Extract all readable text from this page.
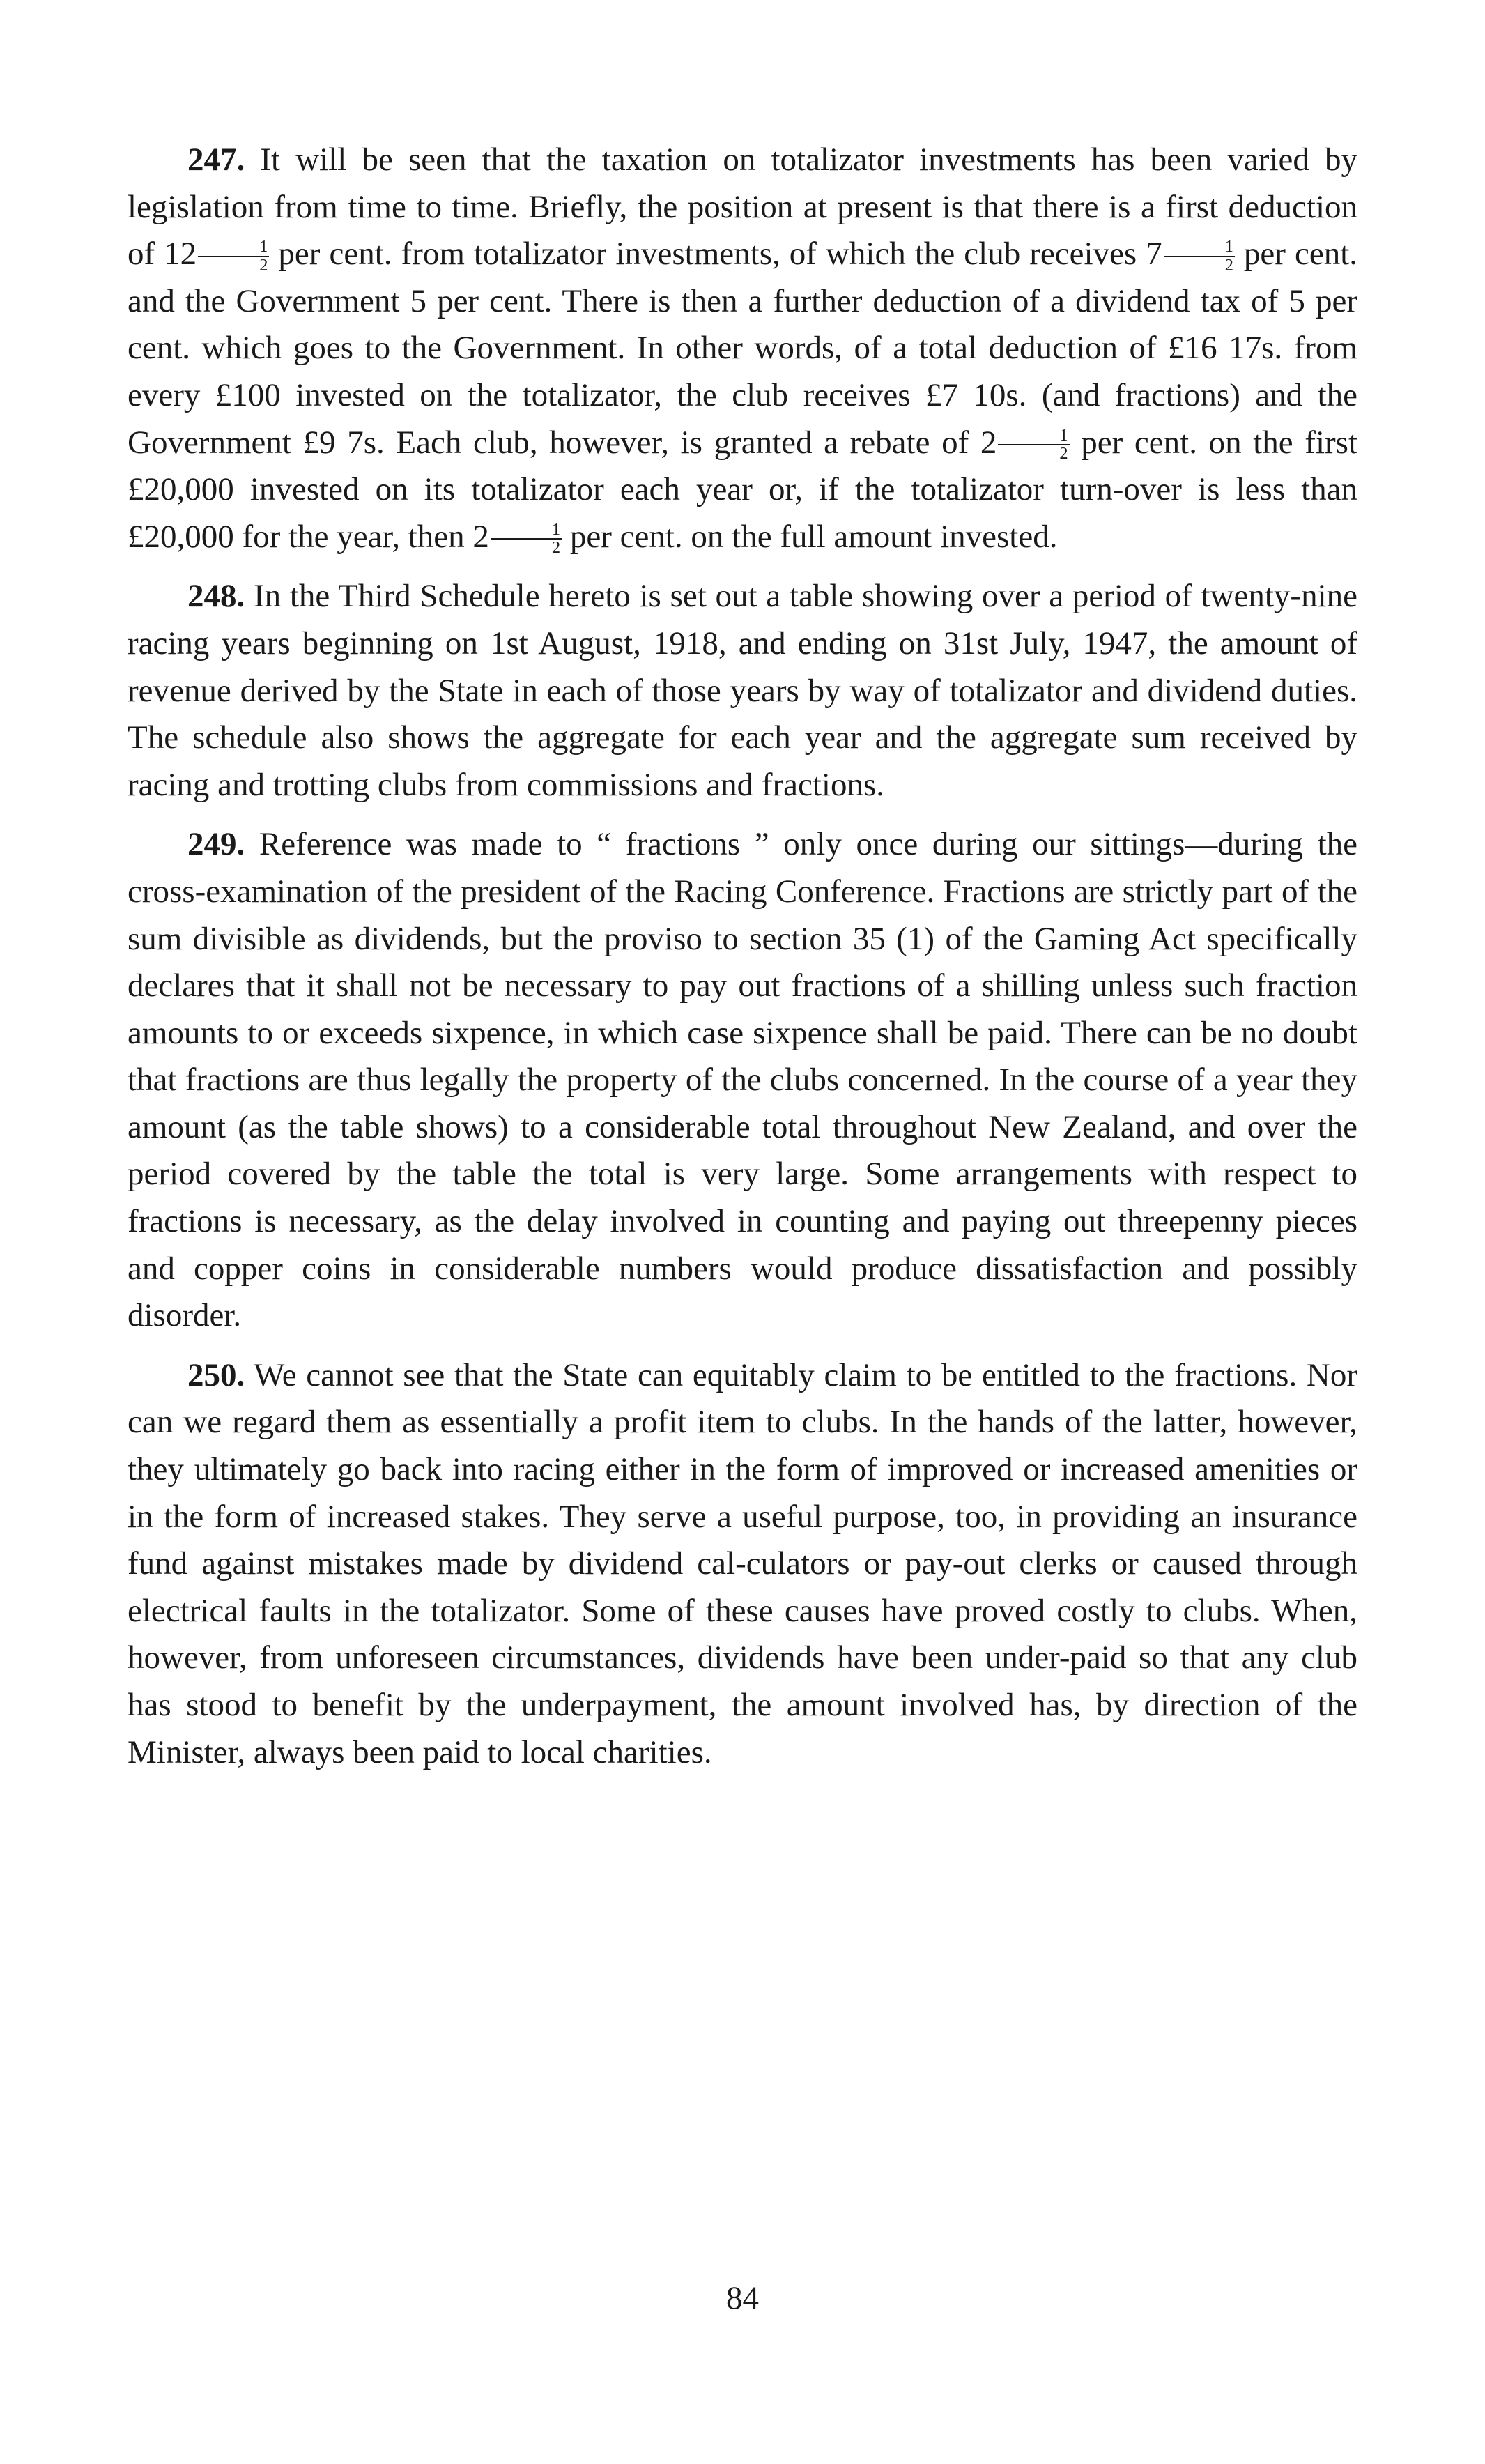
247. It will be seen that the taxation on totalizator investments has been varied by legislation from time to time. Briefly, the position at present is that there is a first deduction of $12 \frac{1}{2}$ per cent. from totalizator investments, of which the club receives $7 \frac{1}{2}$ per cent. and the Government 5 per cent. There is then a further deduction of a dividend tax of 5 per cent. which goes to the Government. In other words, of a total deduction of £16 17s. from every £100 invested on the totalizator, the club receives £7 10s. (and fractions) and the Government £9 7s. Each club, however, is granted a rebate of $2 \frac{1}{2}$ per cent. on the first £20,000 invested on its totalizator each year or, if the totalizator turn-over is less than £20,000 for the year, then $2 \frac{1}{2}$ per cent. on the full amount invested.

248. In the Third Schedule hereto is set out a table showing over a period of twenty-nine racing years beginning on 1st August, 1918, and ending on 31st July, 1947, the amount of revenue derived by the State in each of those years by way of totalizator and dividend duties. The schedule also shows the aggregate for each year and the aggregate sum received by racing and trotting clubs from commissions and fractions.

249. Reference was made to “ fractions ” only once during our sittings—during the cross-examination of the president of the Racing Conference. Fractions are strictly part of the sum divisible as dividends, but the proviso to section 35 (1) of the Gaming Act specifically declares that it shall not be necessary to pay out fractions of a shilling unless such fraction amounts to or exceeds sixpence, in which case sixpence shall be paid. There can be no doubt that fractions are thus legally the property of the clubs concerned. In the course of a year they amount (as the table shows) to a considerable total throughout New Zealand, and over the period covered by the table the total is very large. Some arrangements with respect to fractions is necessary, as the delay involved in counting and paying out threepenny pieces and copper coins in considerable numbers would produce dissatisfaction and possibly disorder.

250. We cannot see that the State can equitably claim to be entitled to the fractions. Nor can we regard them as essentially a profit item to clubs. In the hands of the latter, however, they ultimately go back into racing either in the form of improved or increased amenities or in the form of increased stakes. They serve a useful purpose, too, in providing an insurance fund against mistakes made by dividend cal-culators or pay-out clerks or caused through electrical faults in the totalizator. Some of these causes have proved costly to clubs. When, however, from unforeseen circumstances, dividends have been under-paid so that any club has stood to benefit by the underpayment, the amount involved has, by direction of the Minister, always been paid to local charities.

84
